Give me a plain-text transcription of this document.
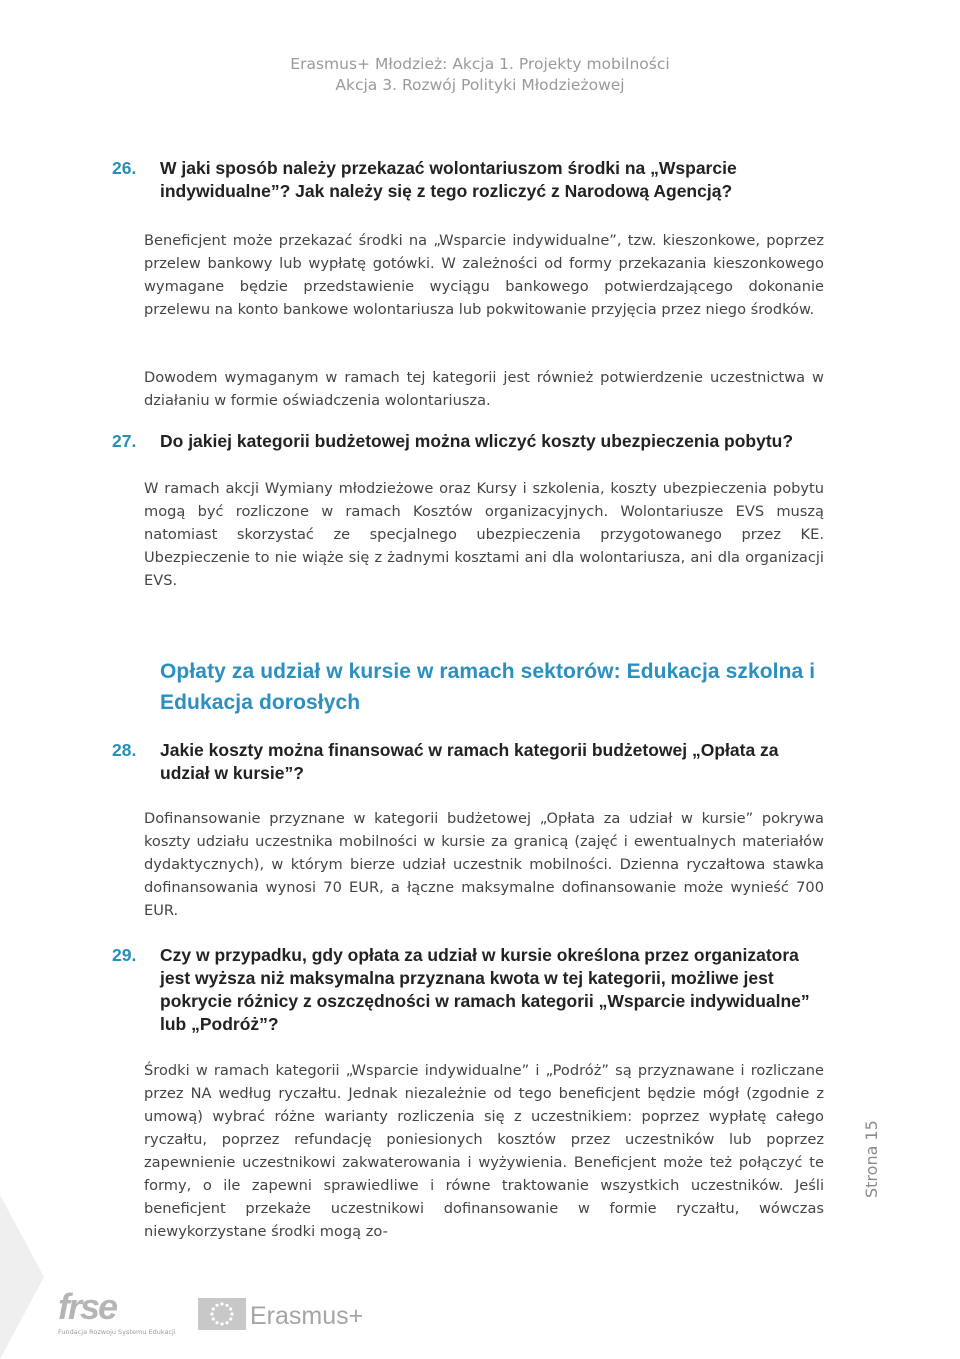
Erasmus+ Młodzież: Akcja 1. Projekty mobilności
Akcja 3. Rozwój Polityki Młodzieżowej
26. W jaki sposób należy przekazać wolontariuszom środki na „Wsparcie indywidualne”? Jak należy się z tego rozliczyć z Narodową Agencją?
Beneficjent może przekazać środki na „Wsparcie indywidualne”, tzw. kieszonkowe, poprzez przelew bankowy lub wypłatę gotówki. W zależności od formy przekazania kieszonkowego wymagane będzie przedstawienie wyciągu bankowego potwierdzającego dokonanie przelewu na konto bankowe wolontariusza lub pokwitowanie przyjęcia przez niego środków.
Dowodem wymaganym w ramach tej kategorii jest również potwierdzenie uczestnictwa w działaniu w formie oświadczenia wolontariusza.
27. Do jakiej kategorii budżetowej można wliczyć koszty ubezpieczenia pobytu?
W ramach akcji Wymiany młodzieżowe oraz Kursy i szkolenia, koszty ubezpieczenia pobytu mogą być rozliczone w ramach Kosztów organizacyjnych. Wolontariusze EVS muszą natomiast skorzystać ze specjalnego ubezpieczenia przygotowanego przez KE. Ubezpieczenie to nie wiąże się z żadnymi kosztami ani dla wolontariusza, ani dla organizacji EVS.
Opłaty za udział w kursie w ramach sektorów: Edukacja szkolna i Edukacja dorosłych
28. Jakie koszty można finansować w ramach kategorii budżetowej „Opłata za udział w kursie”?
Dofinansowanie przyznane w kategorii budżetowej „Opłata za udział w kursie” pokrywa koszty udziału uczestnika mobilności w kursie za granicą (zajęć i ewentualnych materiałów dydaktycznych), w którym bierze udział uczestnik mobilności. Dzienna ryczałtowa stawka dofinansowania wynosi 70 EUR, a łączne maksymalne dofinansowanie może wynieść 700 EUR.
29. Czy w przypadku, gdy opłata za udział w kursie określona przez organizatora jest wyższa niż maksymalna przyznana kwota w tej kategorii, możliwe jest pokrycie różnicy z oszczędności w ramach kategorii „Wsparcie indywidualne” lub „Podróż”?
Środki w ramach kategorii „Wsparcie indywidualne” i „Podróż” są przyznawane i rozliczane przez NA według ryczałtu. Jednak niezależnie od tego beneficjent będzie mógł (zgodnie z umową) wybrać różne warianty rozliczenia się z uczestnikiem: poprzez wypłatę całego ryczałtu, poprzez refundację poniesionych kosztów przez uczestników lub poprzez zapewnienie uczestnikowi zakwaterowania i wyżywienia. Beneficjent może też połączyć te formy, o ile zapewni sprawiedliwe i równe traktowanie wszystkich uczestników. Jeśli beneficjent przekaże uczestnikowi dofinansowanie w formie ryczałtu, wówczas niewykorzystane środki mogą zo-
Strona 15
frse
Fundacja Rozwoju Systemu Edukacji
Erasmus+
